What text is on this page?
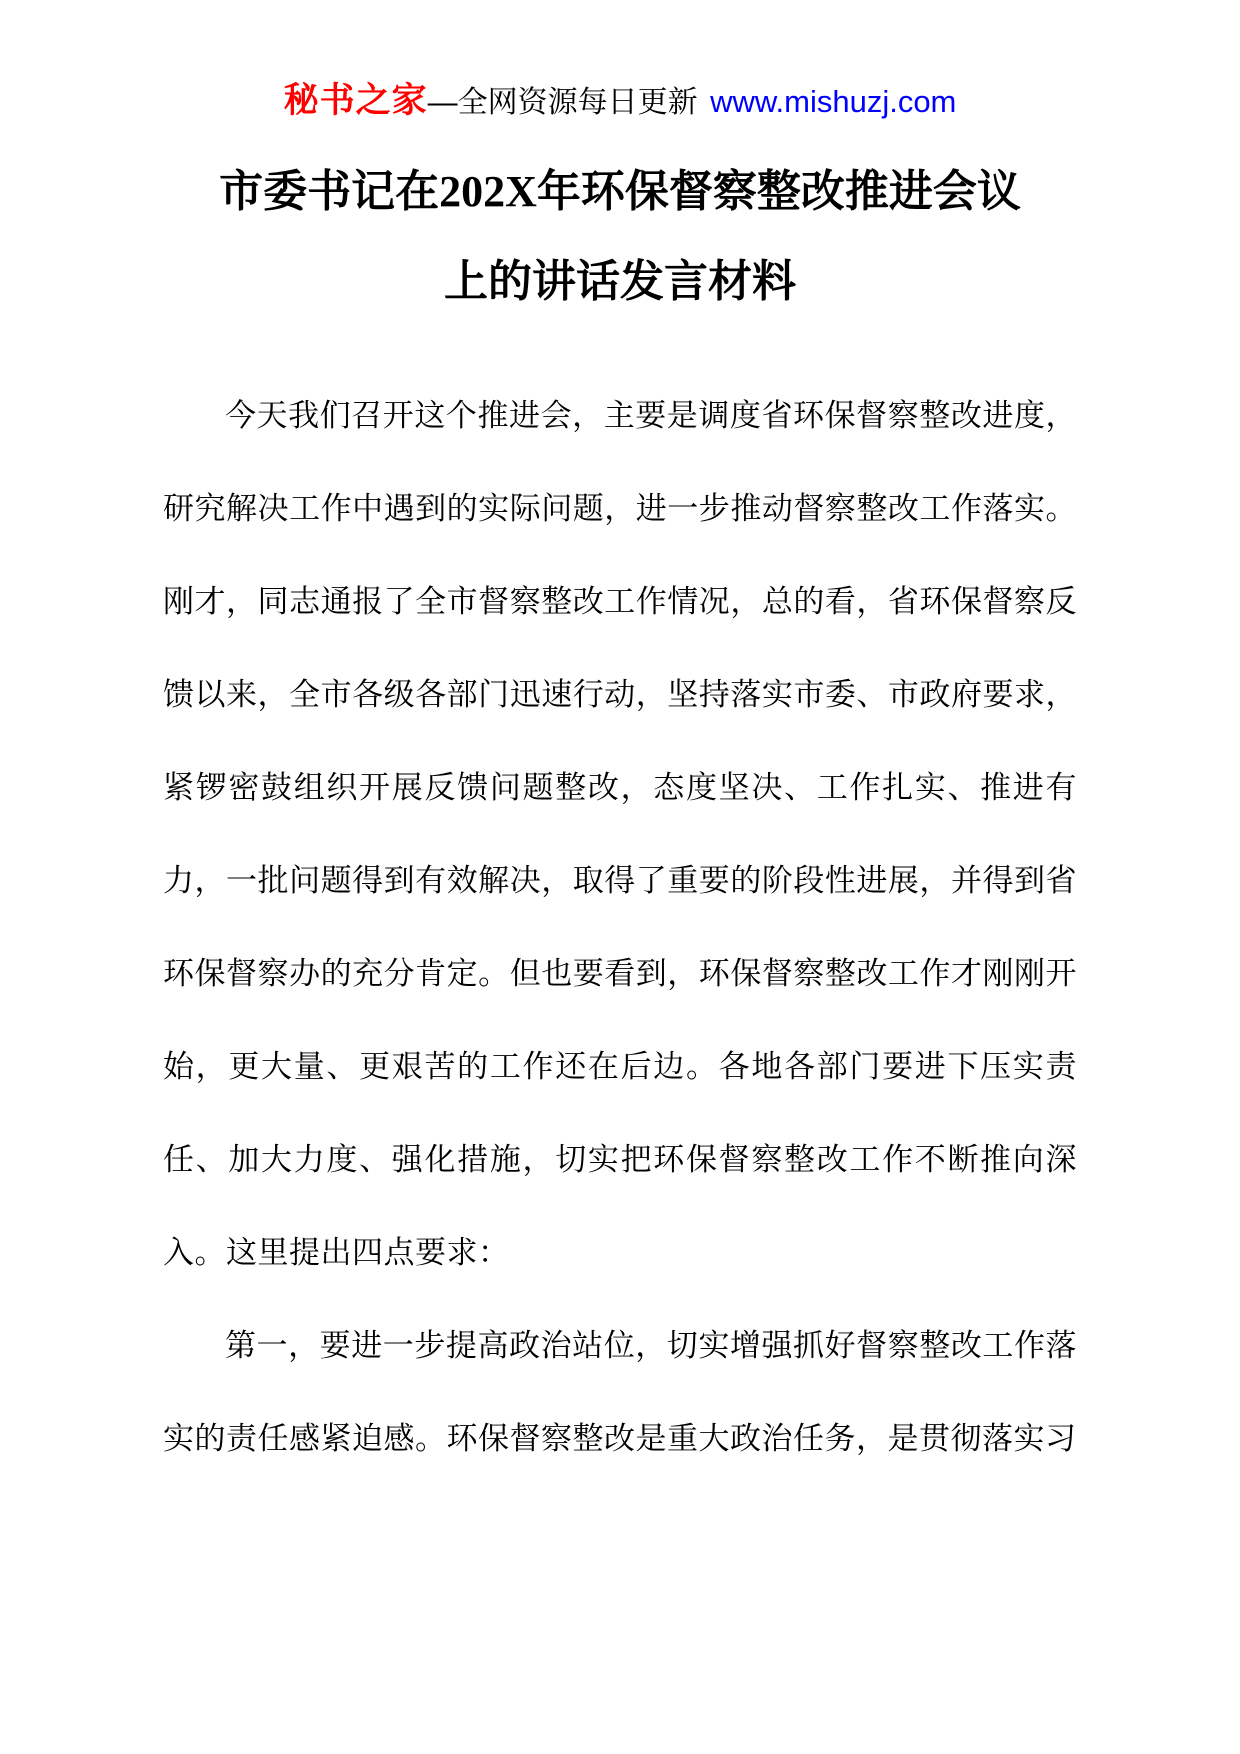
秘书之家—全网资源每日更新 www.mishuzj.com
市委书记在202X年环保督察整改推进会议
上的讲话发言材料

今天我们召开这个推进会，主要是调度省环保督察整改进度，研究解决工作中遇到的实际问题，进一步推动督察整改工作落实。刚才，同志通报了全市督察整改工作情况，总的看，省环保督察反馈以来，全市各级各部门迅速行动，坚持落实市委、市政府要求，紧锣密鼓组织开展反馈问题整改，态度坚决、工作扎实、推进有力，一批问题得到有效解决，取得了重要的阶段性进展，并得到省环保督察办的充分肯定。但也要看到，环保督察整改工作才刚刚开始，更大量、更艰苦的工作还在后边。各地各部门要进下压实责任、加大力度、强化措施，切实把环保督察整改工作不断推向深入。这里提出四点要求：

第一，要进一步提高政治站位，切实增强抓好督察整改工作落实的责任感紧迫感。环保督察整改是重大政治任务，是贯彻落实习
